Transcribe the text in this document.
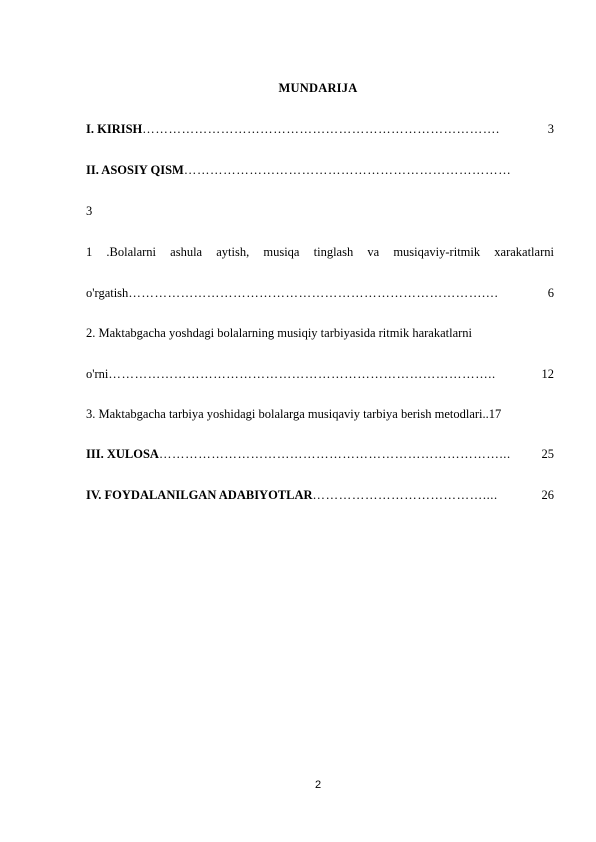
MUNDARIJA
I. KIRISH ……………………………………………………………………….	3
II. ASOSIY QISM …………………………………………………………………
3
1 .Bolalarni ashula aytish, musiqa tinglash va musiqaviy-ritmik xarakatlarni
o'rgatish ……………………………………………………………………….…	6
2. Maktabgacha yoshdagi bolalarning musiqiy tarbiyasida ritmik harakatlarni
o'rni ……………………………………………………………………………..	12
3. Maktabgacha tarbiya yoshidagi bolalarga musiqaviy tarbiya berish metodlari .. 17
III. XULOSA ……………………………………………………………………...	25
IV. FOYDALANILGAN ADABIYOTLAR …………………………………....	26
2
